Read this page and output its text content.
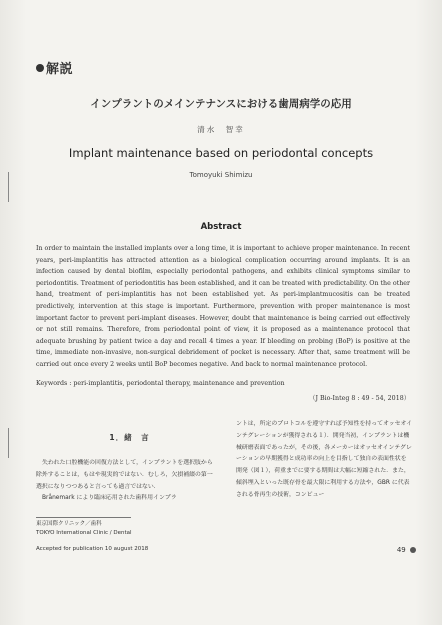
解説
インプラントのメインテナンスにおける歯周病学の応用
清水　智幸
Implant maintenance based on periodontal concepts
Tomoyuki Shimizu
Abstract
In order to maintain the installed implants over a long time, it is important to achieve proper maintenance. In recent years, peri-implantitis has attracted attention as a biological complication occurring around implants. It is an infection caused by dental biofilm, especially periodontal pathogens, and exhibits clinical symptoms similar to periodontitis. Treatment of periodontitis has been established, and it can be treated with predictability. On the other hand, treatment of peri-implantitis has not been established yet. As peri-implantmucositis can be treated predictively, intervention at this stage is important. Furthermore, prevention with proper maintenance is most important factor to prevent peri-implant diseases. However, doubt that maintenance is being carried out effectively or not still remains. Therefore, from periodontal point of view, it is proposed as a maintenance protocol that adequate brushing by patient twice a day and recall 4 times a year. If bleeding on probing (BoP) is positive at the time, immediate non-invasive, non-surgical debridement of pocket is necessary. After that, same treatment will be carried out once every 2 weeks until BoP becomes negative. And back to normal maintenance protocol.
Keywords : peri-implantitis, periodontal therapy, maintenance and prevention
（J Bio-Integ 8 : 49 - 54, 2018）
1．緒　言

失われた口腔機能の回復方法として，インプラントを選択肢から除外することは，もはや現実的ではない．むしろ，欠損補綴の第一選択になりつつあると言っても過言ではない．

Brånemark により臨床応用された歯科用インプラ

ントは，所定のプロトコルを遵守すれば予知性を持ってオッセオインテグレーションが獲得される１）．開発当初，インプラントは機械研磨表面であったが，その後，各メーカーはオッセオインテグレーションの早期獲得と成功率の向上を目指して独自の表面性状を開発（図１），荷重までに要する期間は大幅に短縮された．また，傾斜埋入といった既存骨を最大限に利用する方法や，GBR に代表される骨再生の技術，コンピュー

東京国際クリニック／歯科
TOKYO International Clinic / Dental
Accepted for publication 10 august 2018	49
